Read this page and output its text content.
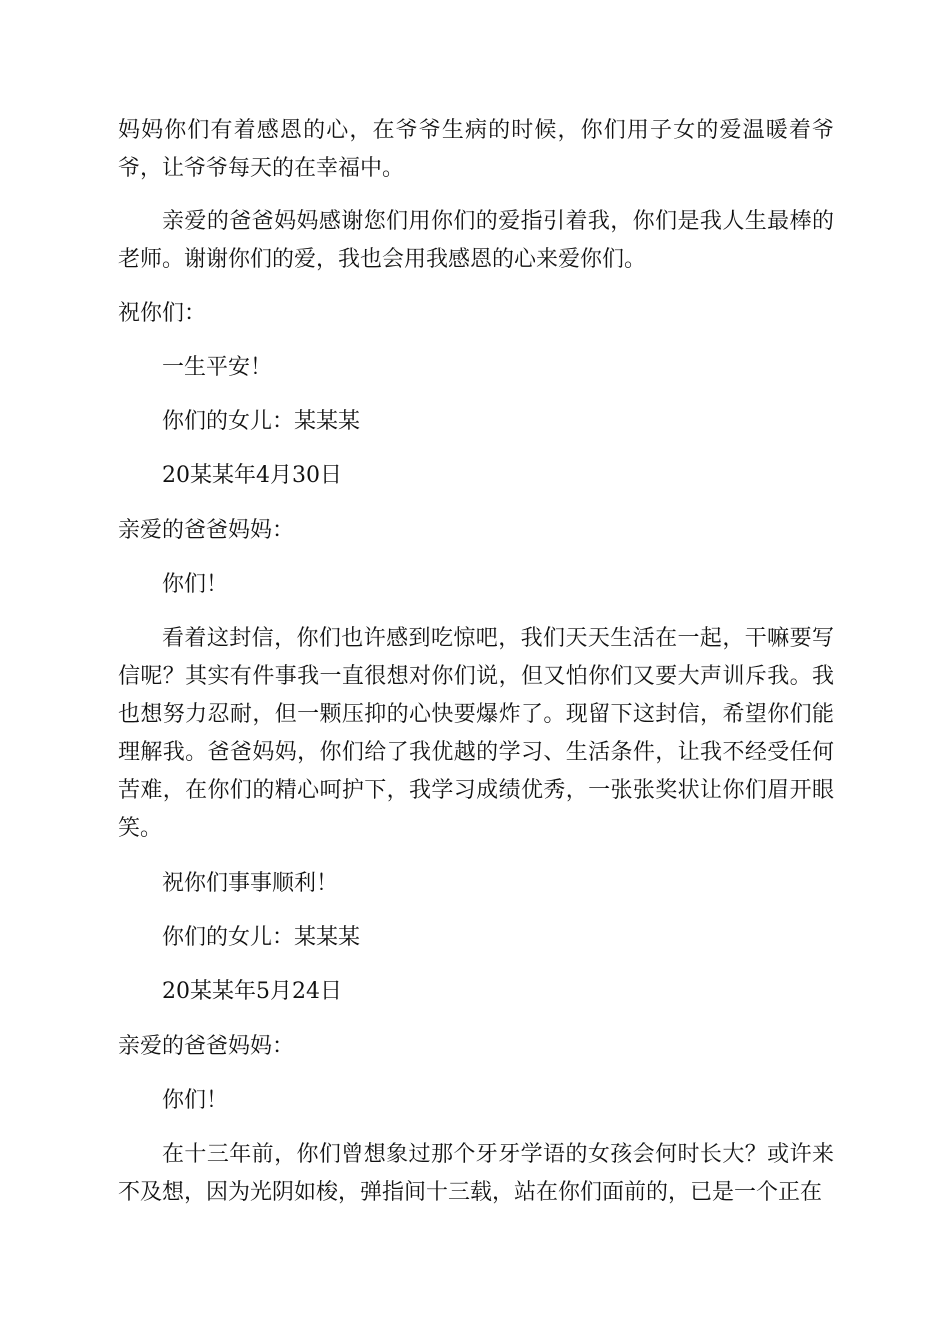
妈妈你们有着感恩的心，在爷爷生病的时候，你们用子女的爱温暖着爷爷，让爷爷每天的在幸福中。

亲爱的爸爸妈妈感谢您们用你们的爱指引着我，你们是我人生最棒的老师。谢谢你们的爱，我也会用我感恩的心来爱你们。

祝你们：

一生平安！

你们的女儿：某某某

20某某年4月30日

亲爱的爸爸妈妈：

你们！

看着这封信，你们也许感到吃惊吧，我们天天生活在一起，干嘛要写信呢？其实有件事我一直很想对你们说，但又怕你们又要大声训斥我。我也想努力忍耐，但一颗压抑的心快要爆炸了。现留下这封信，希望你们能理解我。爸爸妈妈，你们给了我优越的学习、生活条件，让我不经受任何苦难，在你们的精心呵护下，我学习成绩优秀，一张张奖状让你们眉开眼笑。

祝你们事事顺利！

你们的女儿：某某某

20某某年5月24日

亲爱的爸爸妈妈：

你们！

在十三年前，你们曾想象过那个牙牙学语的女孩会何时长大？或许来不及想，因为光阴如梭，弹指间十三载，站在你们面前的，已是一个正在
